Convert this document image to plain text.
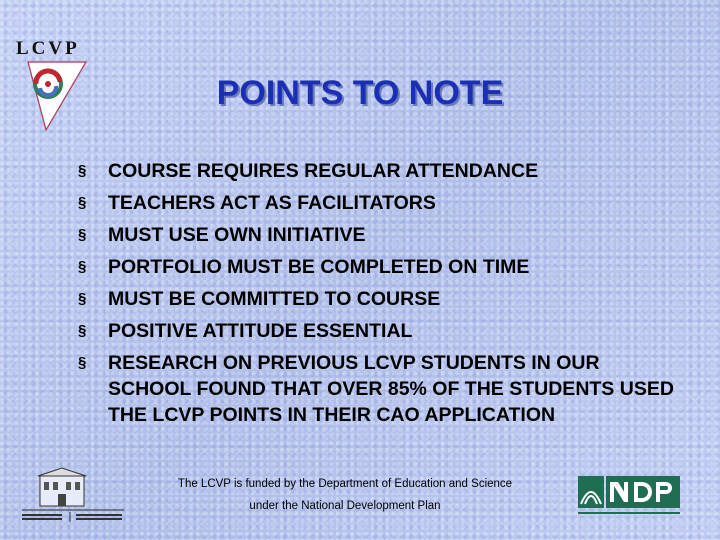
LCVP
POINTS TO NOTE
§ COURSE REQUIRES REGULAR ATTENDANCE
§ TEACHERS ACT AS FACILITATORS
§ MUST USE OWN INITIATIVE
§ PORTFOLIO MUST BE COMPLETED ON TIME
§ MUST BE COMMITTED TO COURSE
§ POSITIVE ATTITUDE ESSENTIAL
§ RESEARCH ON PREVIOUS LCVP STUDENTS IN OUR SCHOOL FOUND THAT OVER 85% OF THE STUDENTS USED THE LCVP POINTS IN THEIR CAO APPLICATION
The LCVP is funded by the Department of Education and Science
under the National Development Plan
